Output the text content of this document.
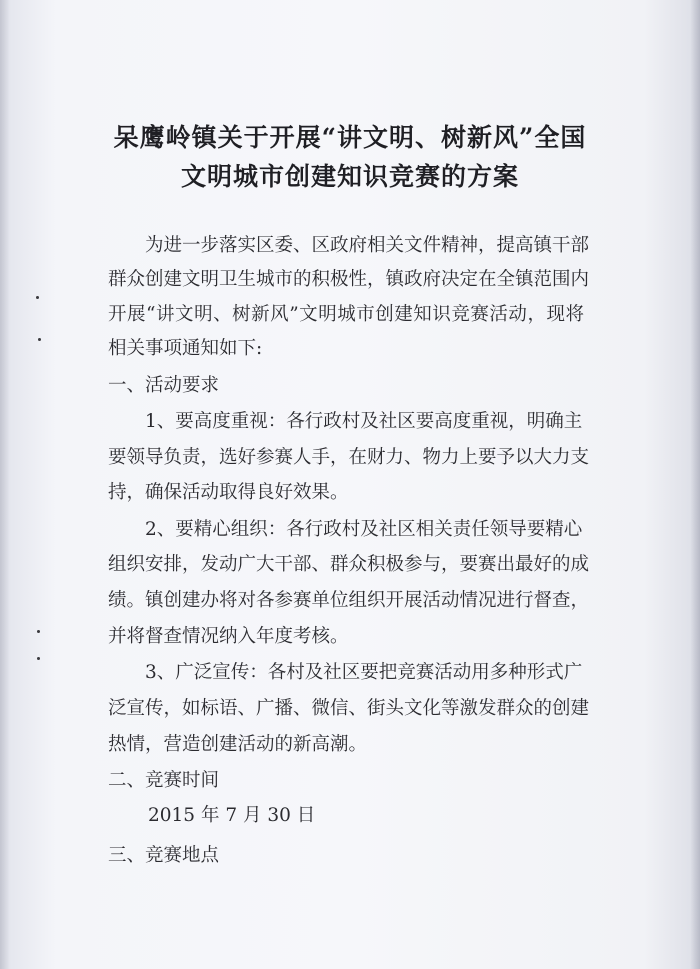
呆鹰岭镇关于开展“讲文明、树新风”全国
文明城市创建知识竞赛的方案
为进一步落实区委、区政府相关文件精神，提高镇干部
群众创建文明卫生城市的积极性，镇政府决定在全镇范围内
开展“讲文明、树新风”文明城市创建知识竞赛活动，现将
相关事项通知如下:
一、活动要求
1、要高度重视：各行政村及社区要高度重视，明确主
要领导负责，选好参赛人手，在财力、物力上要予以大力支
持，确保活动取得良好效果。
2、要精心组织：各行政村及社区相关责任领导要精心
组织安排，发动广大干部、群众积极参与，要赛出最好的成
绩。镇创建办将对各参赛单位组织开展活动情况进行督查，
并将督查情况纳入年度考核。
3、广泛宣传：各村及社区要把竞赛活动用多种形式广
泛宣传，如标语、广播、微信、街头文化等激发群众的创建
热情，营造创建活动的新高潮。
二、竞赛时间
2015 年 7 月 30 日
三、竞赛地点
